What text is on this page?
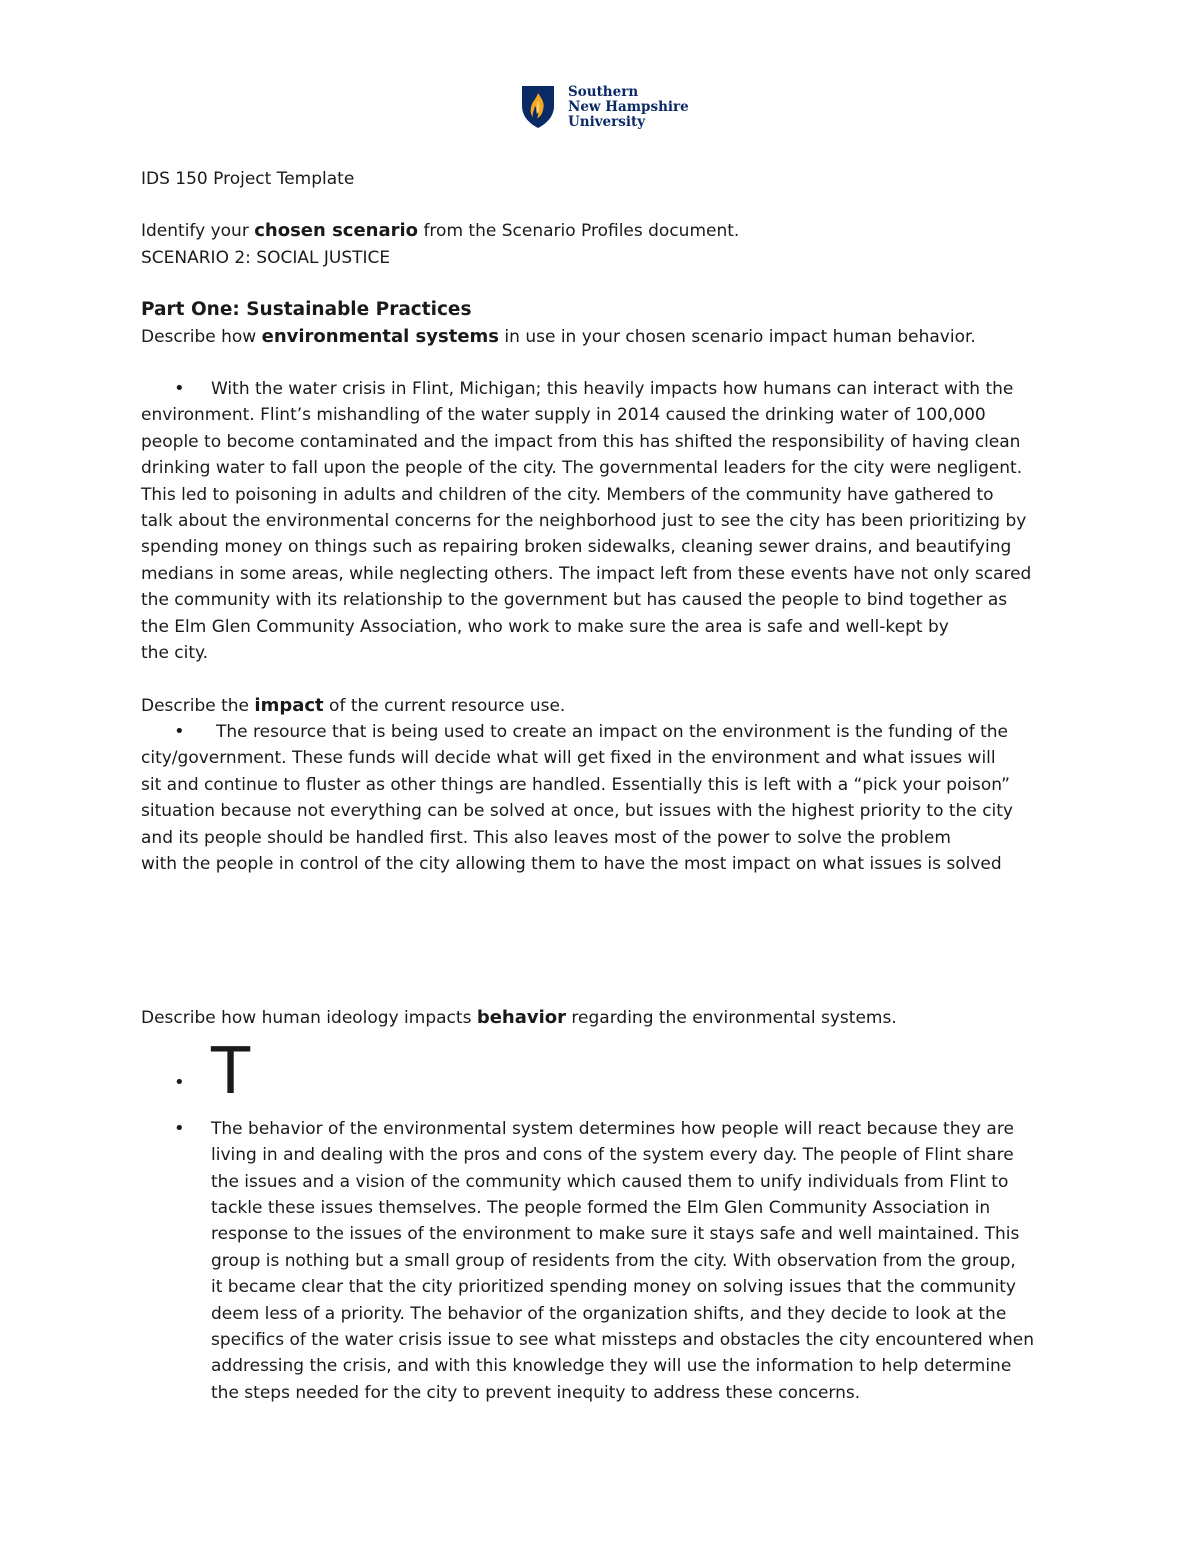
Southern
New Hampshire
University
IDS 150 Project Template
Identify your chosen scenario from the Scenario Profiles document.
SCENARIO 2: SOCIAL JUSTICE
Part One: Sustainable Practices
Describe how environmental systems in use in your chosen scenario impact human behavior.
•	With the water crisis in Flint, Michigan; this heavily impacts how humans can interact with the
environment. Flint’s mishandling of the water supply in 2014 caused the drinking water of 100,000
people to become contaminated and the impact from this has shifted the responsibility of having clean
drinking water to fall upon the people of the city. The governmental leaders for the city were negligent.
This led to poisoning in adults and children of the city. Members of the community have gathered to
talk about the environmental concerns for the neighborhood just to see the city has been prioritizing by
spending money on things such as repairing broken sidewalks, cleaning sewer drains, and beautifying
medians in some areas, while neglecting others. The impact left from these events have not only scared
the community with its relationship to the government but has caused the people to bind together as
the Elm Glen Community Association, who work to make sure the area is safe and well-kept by
the city.
Describe the impact of the current resource use.
•	The resource that is being used to create an impact on the environment is the funding of the
city/government. These funds will decide what will get fixed in the environment and what issues will
sit and continue to fluster as other things are handled. Essentially this is left with a “pick your poison”
situation because not everything can be solved at once, but issues with the highest priority to the city
and its people should be handled first. This also leaves most of the power to solve the problem
with the people in control of the city allowing them to have the most impact on what issues is solved
Describe how human ideology impacts behavior regarding the environmental systems.
• T
• The behavior of the environmental system determines how people will react because they are
living in and dealing with the pros and cons of the system every day. The people of Flint share
the issues and a vision of the community which caused them to unify individuals from Flint to
tackle these issues themselves. The people formed the Elm Glen Community Association in
response to the issues of the environment to make sure it stays safe and well maintained. This
group is nothing but a small group of residents from the city. With observation from the group,
it became clear that the city prioritized spending money on solving issues that the community
deem less of a priority. The behavior of the organization shifts, and they decide to look at the
specifics of the water crisis issue to see what missteps and obstacles the city encountered when
addressing the crisis, and with this knowledge they will use the information to help determine
the steps needed for the city to prevent inequity to address these concerns.
